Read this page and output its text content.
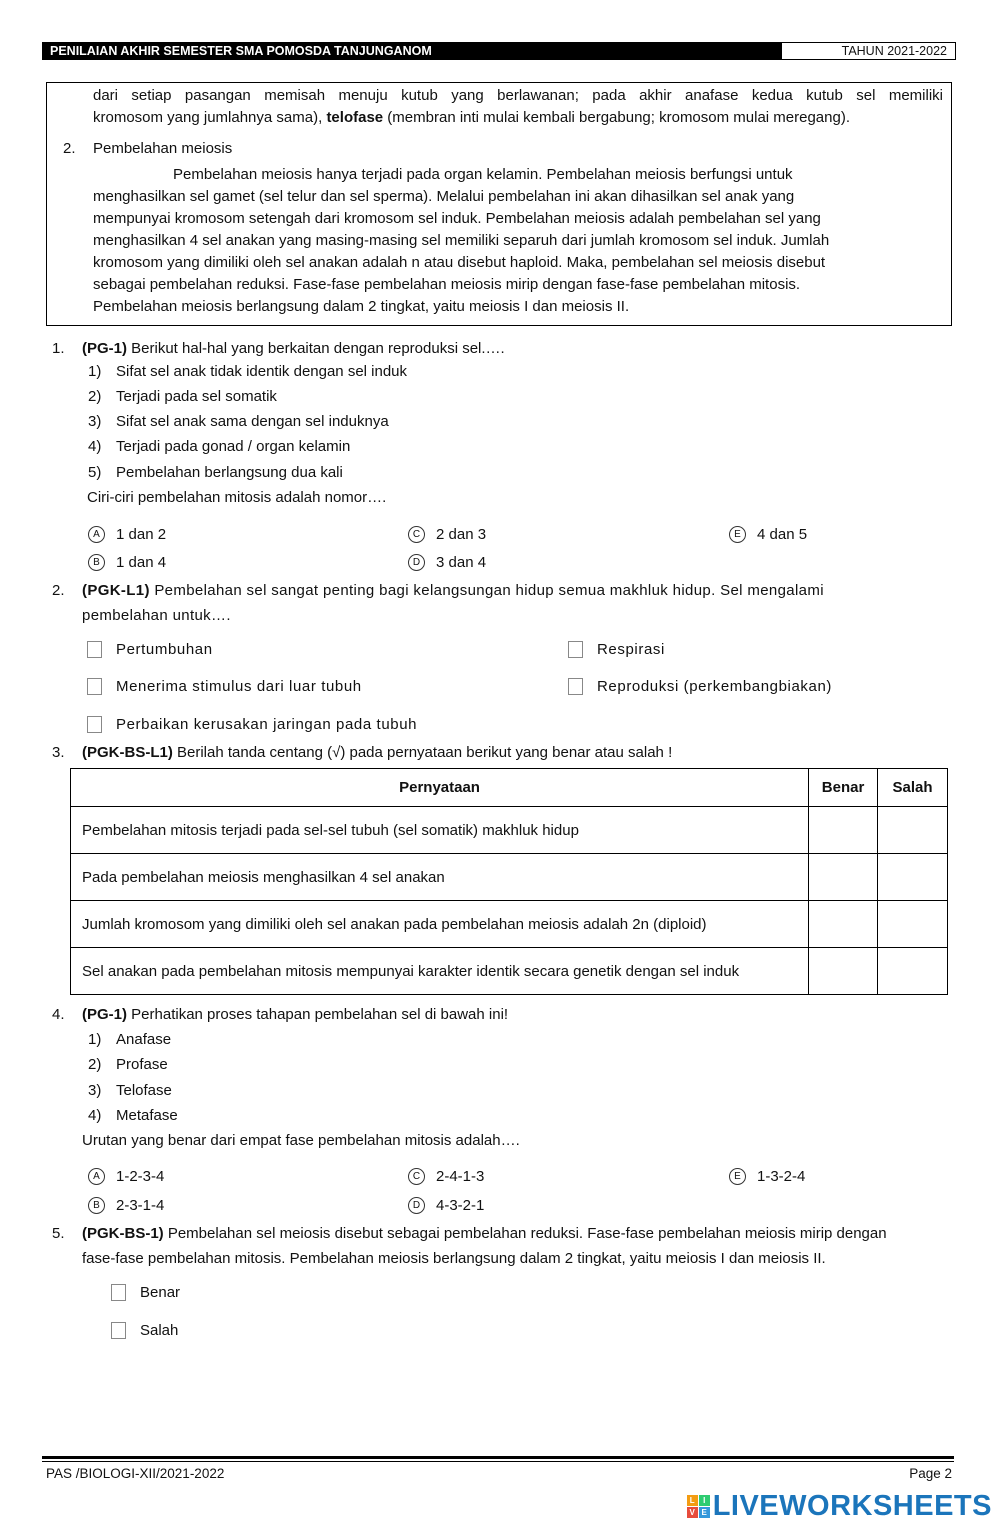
PENILAIAN AKHIR SEMESTER SMA POMOSDA TANJUNGANOM	TAHUN 2021-2022
dari setiap pasangan memisah menuju kutub yang berlawanan; pada akhir anafase kedua kutub sel memiliki
kromosom yang jumlahnya sama), telofase (membran inti mulai kembali bergabung; kromosom mulai meregang).
2. Pembelahan meiosis
Pembelahan meiosis hanya terjadi pada organ kelamin. Pembelahan meiosis berfungsi untuk
menghasilkan sel gamet (sel telur dan sel sperma). Melalui pembelahan ini akan dihasilkan sel anak yang
mempunyai kromosom setengah dari kromosom sel induk. Pembelahan meiosis adalah pembelahan sel yang
menghasilkan 4 sel anakan yang masing-masing sel memiliki separuh dari jumlah kromosom sel induk. Jumlah
kromosom yang dimiliki oleh sel anakan adalah n atau disebut haploid. Maka, pembelahan sel meiosis disebut
sebagai pembelahan reduksi. Fase-fase pembelahan meiosis mirip dengan fase-fase pembelahan mitosis.
Pembelahan meiosis berlangsung dalam 2 tingkat, yaitu meiosis I dan meiosis II.
1. (PG-1) Berikut hal-hal yang berkaitan dengan reproduksi sel.….
1) Sifat sel anak tidak identik dengan sel induk
2) Terjadi pada sel somatik
3) Sifat sel anak sama dengan sel induknya
4) Terjadi pada gonad / organ kelamin
5) Pembelahan berlangsung dua kali
Ciri-ciri pembelahan mitosis adalah nomor….
A	1 dan 2
B	1 dan 4
C	2 dan 3
D	3 dan 4
E	4 dan 5
2. (PGK-L1) Pembelahan sel sangat penting bagi kelangsungan hidup semua makhluk hidup. Sel mengalami
pembelahan untuk….
Pertumbuhan	Respirasi
Menerima stimulus dari luar tubuh	Reproduksi (perkembangbiakan)
Perbaikan kerusakan jaringan pada tubuh
3. (PGK-BS-L1) Berilah tanda centang (√) pada pernyataan berikut yang benar atau salah !
Pernyataan	Benar	Salah
Pembelahan mitosis terjadi pada sel-sel tubuh (sel somatik) makhluk hidup		
Pada pembelahan meiosis menghasilkan 4 sel anakan		
Jumlah kromosom yang dimiliki oleh sel anakan pada pembelahan meiosis adalah 2n (diploid)		
Sel anakan pada pembelahan mitosis mempunyai karakter identik secara genetik dengan sel induk		
4. (PG-1) Perhatikan proses tahapan pembelahan sel di bawah ini!
1) Anafase
2) Profase
3) Telofase
4) Metafase
Urutan yang benar dari empat fase pembelahan mitosis adalah….
A	1-2-3-4
B	2-3-1-4
C	2-4-1-3
D	4-3-2-1
E	1-3-2-4
5. (PGK-BS-1) Pembelahan sel meiosis disebut sebagai pembelahan reduksi. Fase-fase pembelahan meiosis mirip dengan
fase-fase pembelahan mitosis. Pembelahan meiosis berlangsung dalam 2 tingkat, yaitu meiosis I dan meiosis II.
Benar
Salah
PAS /BIOLOGI-XII/2021-2022	Page 2
L	I
V E LIVEWORKSHEETS
